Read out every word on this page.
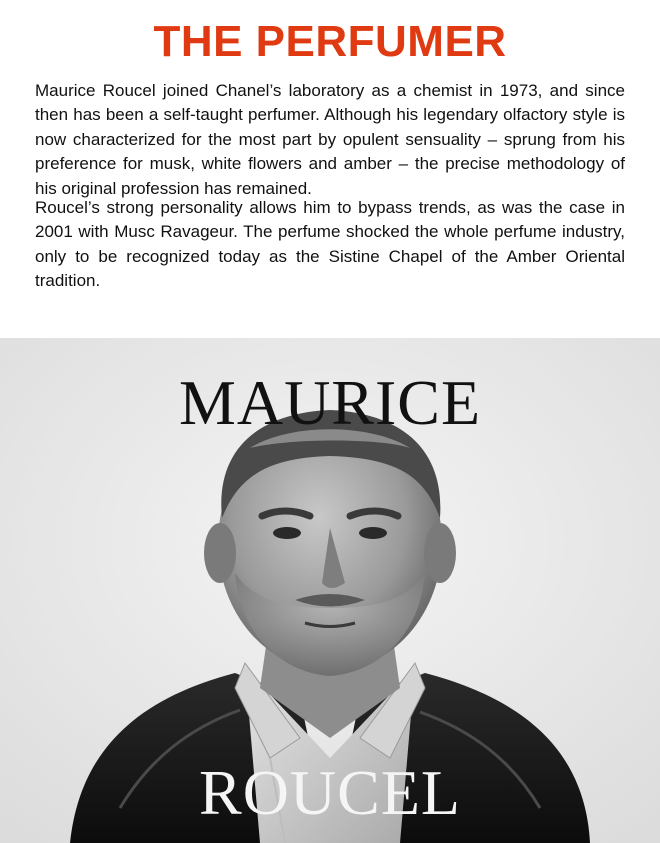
THE PERFUMER

Maurice Roucel joined Chanel’s laboratory as a chemist in 1973, and since then has been a self-taught perfumer. Although his legendary olfactory style is now characterized for the most part by opulent sensuality – sprung from his preference for musk, white flowers and amber – the precise methodology of his original profession has remained.

Roucel’s strong personality allows him to bypass trends, as was the case in 2001 with Musc Ravageur. The perfume shocked the whole perfume industry, only to be recognized today as the Sistine Chapel of the Amber Oriental tradition.

MAURICE
ROUCEL
